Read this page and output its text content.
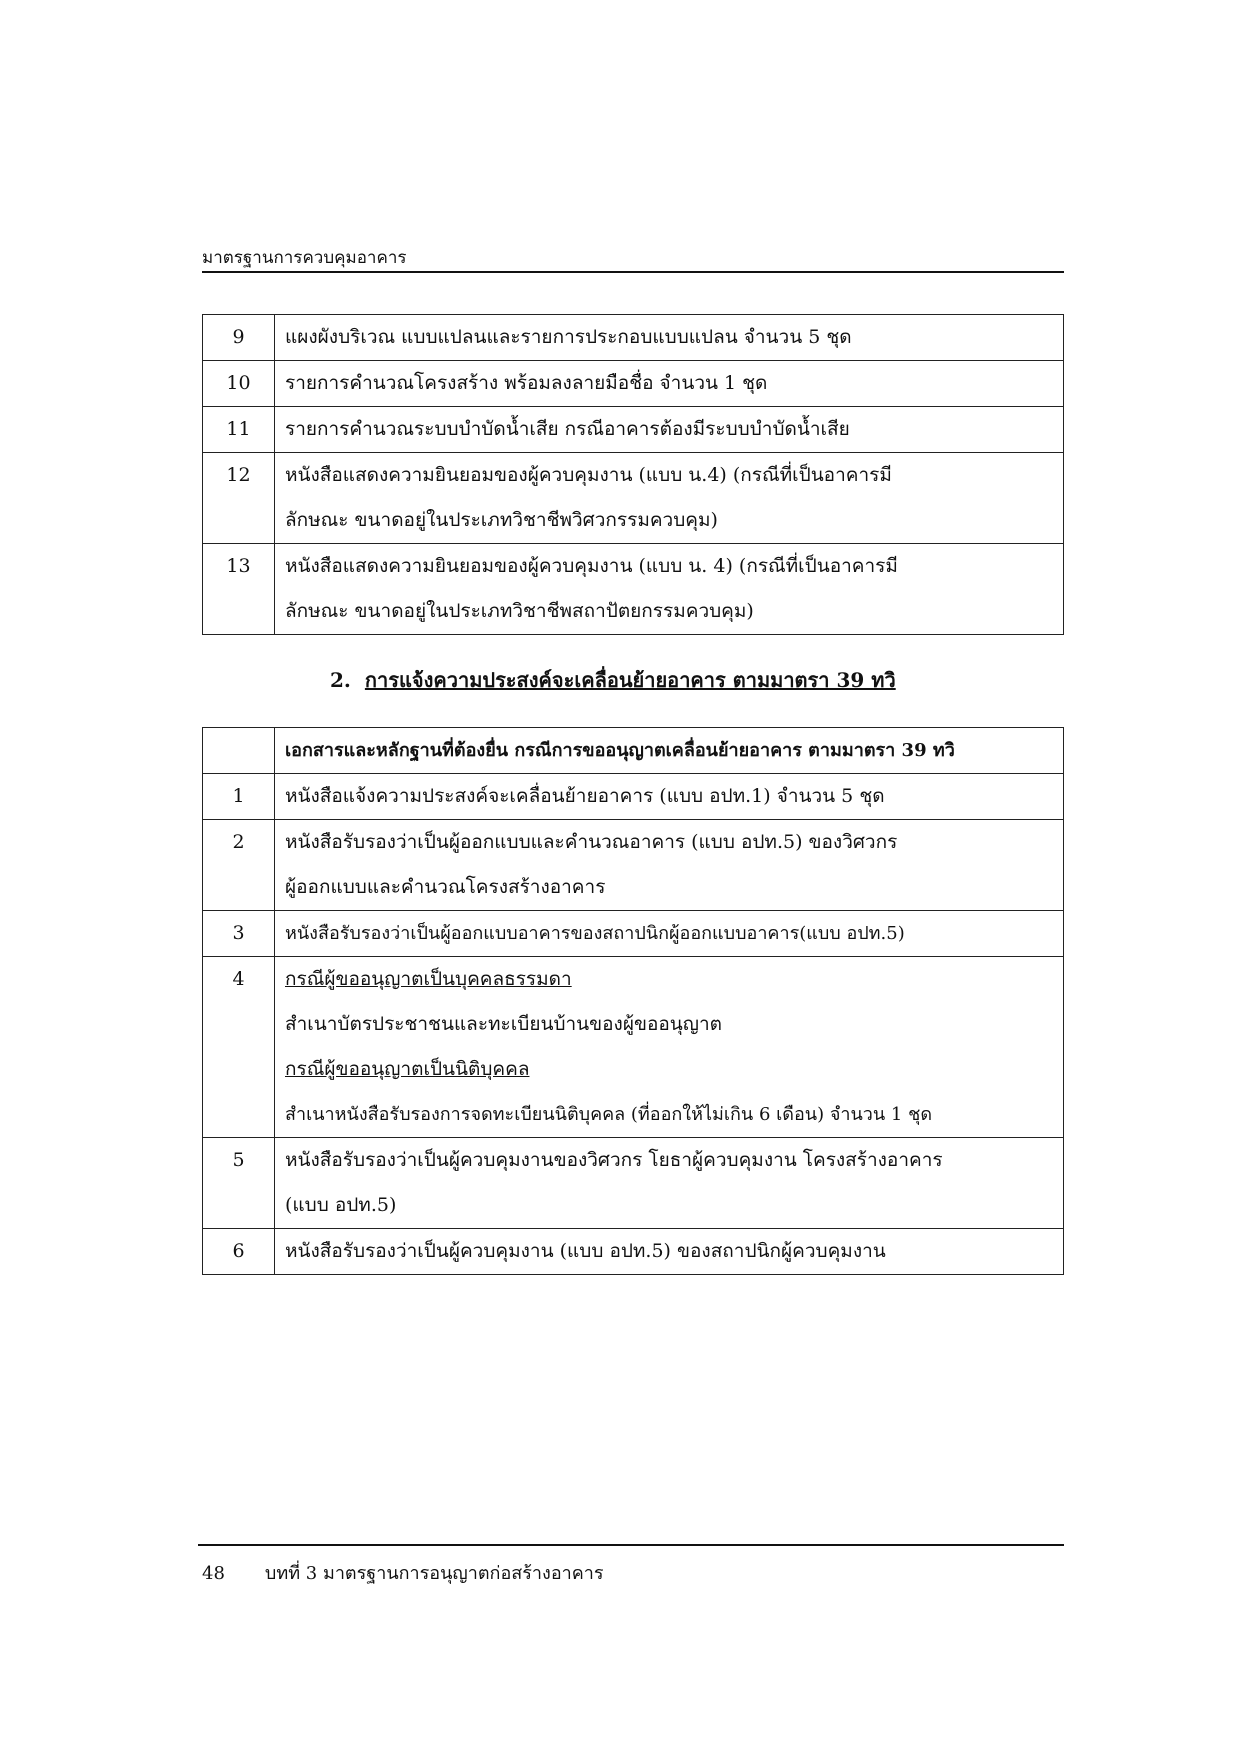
มาตรฐานการควบคุมอาคาร
9	แผงผังบริเวณ แบบแปลนและรายการประกอบแบบแปลน จำนวน 5 ชุด

10	รายการคำนวณโครงสร้าง พร้อมลงลายมือชื่อ จำนวน 1 ชุด

11	รายการคำนวณระบบบำบัดน้ำเสีย กรณีอาคารต้องมีระบบบำบัดน้ำเสีย

12	หนังสือแสดงความยินยอมของผู้ควบคุมงาน (แบบ น.4) (กรณีที่เป็นอาคารมี
ลักษณะ ขนาดอยู่ในประเภทวิชาชีพวิศวกรรมควบคุม)

13	หนังสือแสดงความยินยอมของผู้ควบคุมงาน (แบบ น. 4) (กรณีที่เป็นอาคารมี
ลักษณะ ขนาดอยู่ในประเภทวิชาชีพสถาปัตยกรรมควบคุม)
2. การแจ้งความประสงค์จะเคลื่อนย้ายอาคาร ตามมาตรา 39 ทวิ

	เอกสารและหลักฐานที่ต้องยื่น กรณีการขออนุญาตเคลื่อนย้ายอาคาร ตามมาตรา 39 ทวิ

1	หนังสือแจ้งความประสงค์จะเคลื่อนย้ายอาคาร (แบบ อปท.1) จำนวน 5 ชุด

2	หนังสือรับรองว่าเป็นผู้ออกแบบและคำนวณอาคาร (แบบ อปท.5) ของวิศวกร
ผู้ออกแบบและคำนวณโครงสร้างอาคาร

3	หนังสือรับรองว่าเป็นผู้ออกแบบอาคารของสถาปนิกผู้ออกแบบอาคาร(แบบ อปท.5)

4	กรณีผู้ขออนุญาตเป็นบุคคลธรรมดา
สำเนาบัตรประชาชนและทะเบียนบ้านของผู้ขออนุญาต
กรณีผู้ขออนุญาตเป็นนิติบุคคล
สำเนาหนังสือรับรองการจดทะเบียนนิติบุคคล (ที่ออกให้ไม่เกิน 6 เดือน) จำนวน 1 ชุด

5	หนังสือรับรองว่าเป็นผู้ควบคุมงานของวิศวกร โยธาผู้ควบคุมงาน โครงสร้างอาคาร
(แบบ อปท.5)

6	หนังสือรับรองว่าเป็นผู้ควบคุมงาน (แบบ อปท.5) ของสถาปนิกผู้ควบคุมงาน
48 บทที่ 3 มาตรฐานการอนุญาตก่อสร้างอาคาร
